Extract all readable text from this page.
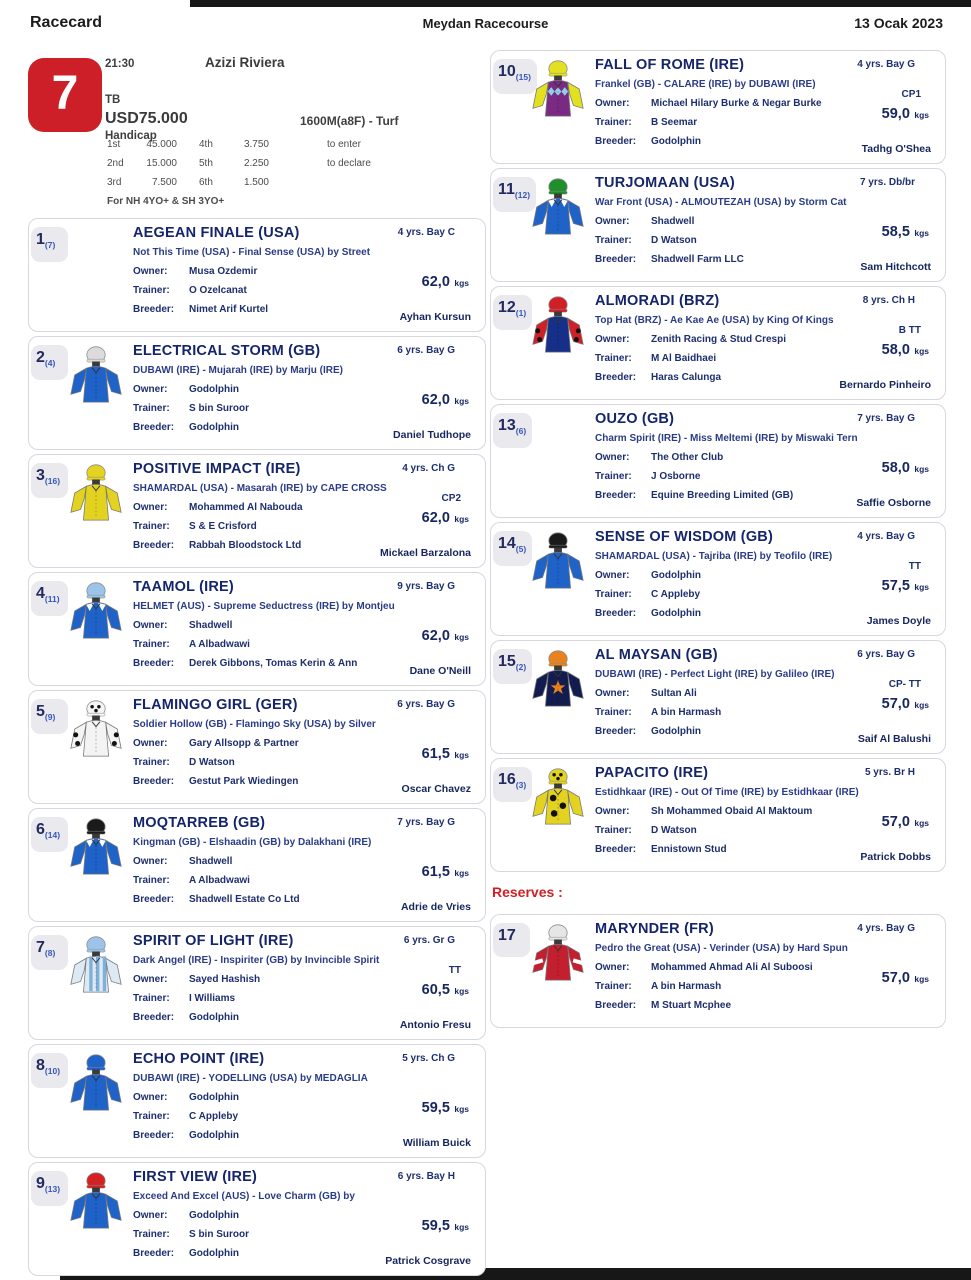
Racecard	Meydan Racecourse	13 Ocak 2023
7
21:30

TB

Handicap
Azizi Riviera
USD75.000	1600M(a8F) - Turf
1st	45.000 4th	3.750	to enter
2nd	15.000 5th	2.250	to declare
3rd	7.500 6th	1.500
For NH 4YO+ & SH 3YO+
$1_{(7)}$
AEGEAN FINALE (USA)
Not This Time (USA) - Final Sense (USA) by Street
Owner:	Musa Ozdemir
Trainer:	O Ozelcanat
Breeder:	Nimet Arif Kurtel
4 yrs. Bay C
62,0 kgs
Ayhan Kursun
$2_{(4)}$
ELECTRICAL STORM (GB)
DUBAWI (IRE) - Mujarah (IRE) by Marju (IRE)
Owner:	Godolphin
Trainer:	S bin Suroor
Breeder:	Godolphin
6 yrs. Bay G
62,0 kgs
Daniel Tudhope
$3_{(16)}$
POSITIVE IMPACT (IRE)
SHAMARDAL (USA) - Masarah (IRE) by CAPE CROSS
Owner:	Mohammed Al Nabouda
Trainer:	S & E Crisford
Breeder:	Rabbah Bloodstock Ltd
4 yrs. Ch G
CP2
62,0 kgs
Mickael Barzalona
$4_{(11)}$
TAAMOL (IRE)
HELMET (AUS) - Supreme Seductress (IRE) by Montjeu
Owner:	Shadwell
Trainer:	A Albadwawi
Breeder:	Derek Gibbons, Tomas Kerin & Ann
9 yrs. Bay G
62,0 kgs
Dane O'Neill
$5_{(9)}$
FLAMINGO GIRL (GER)
Soldier Hollow (GB) - Flamingo Sky (USA) by Silver
Owner:	Gary Allsopp & Partner
Trainer:	D Watson
Breeder:	Gestut Park Wiedingen
6 yrs. Bay G
61,5 kgs
Oscar Chavez
$6_{(14)}$
MOQTARREB (GB)
Kingman (GB) - Elshaadin (GB) by Dalakhani (IRE)
Owner:	Shadwell
Trainer:	A Albadwawi
Breeder:	Shadwell Estate Co Ltd
7 yrs. Bay G
61,5 kgs
Adrie de Vries
$7_{(8)}$
SPIRIT OF LIGHT (IRE)
Dark Angel (IRE) - Inspiriter (GB) by Invincible Spirit
Owner:	Sayed Hashish
Trainer:	I Williams
Breeder:	Godolphin
6 yrs. Gr G
TT
60,5 kgs
Antonio Fresu
$8_{(10)}$
ECHO POINT (IRE)
DUBAWI (IRE) - YODELLING (USA) by MEDAGLIA
Owner:	Godolphin
Trainer:	C Appleby
Breeder:	Godolphin
5 yrs. Ch G
59,5 kgs
William Buick
$9_{(13)}$
FIRST VIEW (IRE)
Exceed And Excel (AUS) - Love Charm (GB) by
Owner:	Godolphin
Trainer:	S bin Suroor
Breeder:	Godolphin
6 yrs. Bay H
59,5 kgs
Patrick Cosgrave
$10_{(15)}$
FALL OF ROME (IRE)
Frankel (GB) - CALARE (IRE) by DUBAWI (IRE)
Owner:	Michael Hilary Burke & Negar Burke
Trainer:	B Seemar
Breeder:	Godolphin
4 yrs. Bay G
CP1
59,0 kgs
Tadhg O'Shea
$11_{(12)}$
TURJOMAAN (USA)
War Front (USA) - ALMOUTEZAH (USA) by Storm Cat
Owner:	Shadwell
Trainer:	D Watson
Breeder:	Shadwell Farm LLC
7 yrs. Db/br
58,5 kgs
Sam Hitchcott
$12_{(1)}$
ALMORADI (BRZ)
Top Hat (BRZ) - Ae Kae Ae (USA) by King Of Kings
Owner:	Zenith Racing & Stud Crespi
Trainer:	M Al Baidhaei
Breeder:	Haras Calunga
8 yrs. Ch H
B TT
58,0 kgs
Bernardo Pinheiro
$13_{(6)}$
OUZO (GB)
Charm Spirit (IRE) - Miss Meltemi (IRE) by Miswaki Tern
Owner:	The Other Club
Trainer:	J Osborne
Breeder:	Equine Breeding Limited (GB)
7 yrs. Bay G
58,0 kgs
Saffie Osborne
$14_{(5)}$
SENSE OF WISDOM (GB)
SHAMARDAL (USA) - Tajriba (IRE) by Teofilo (IRE)
Owner:	Godolphin
Trainer:	C Appleby
Breeder:	Godolphin
4 yrs. Bay G
TT
57,5 kgs
James Doyle
$15_{(2)}$
AL MAYSAN (GB)
DUBAWI (IRE) - Perfect Light (IRE) by Galileo (IRE)
Owner:	Sultan Ali
Trainer:	A bin Harmash
Breeder:	Godolphin
6 yrs. Bay G
CP- TT
57,0 kgs
Saif Al Balushi
$16_{(3)}$
PAPACITO (IRE)
Estidhkaar (IRE) - Out Of Time (IRE) by Estidhkaar (IRE)
Owner:	Sh Mohammed Obaid Al Maktoum
Trainer:	D Watson
Breeder:	Ennistown Stud
5 yrs. Br H
57,0 kgs
Patrick Dobbs
Reserves :
17	MARYNDER (FR)
Pedro the Great (USA) - Verinder (USA) by Hard Spun
Owner:	Mohammed Ahmad Ali Al Suboosi
Trainer:	A bin Harmash
Breeder:	M Stuart Mcphee
4 yrs. Bay G
57,0 kgs
